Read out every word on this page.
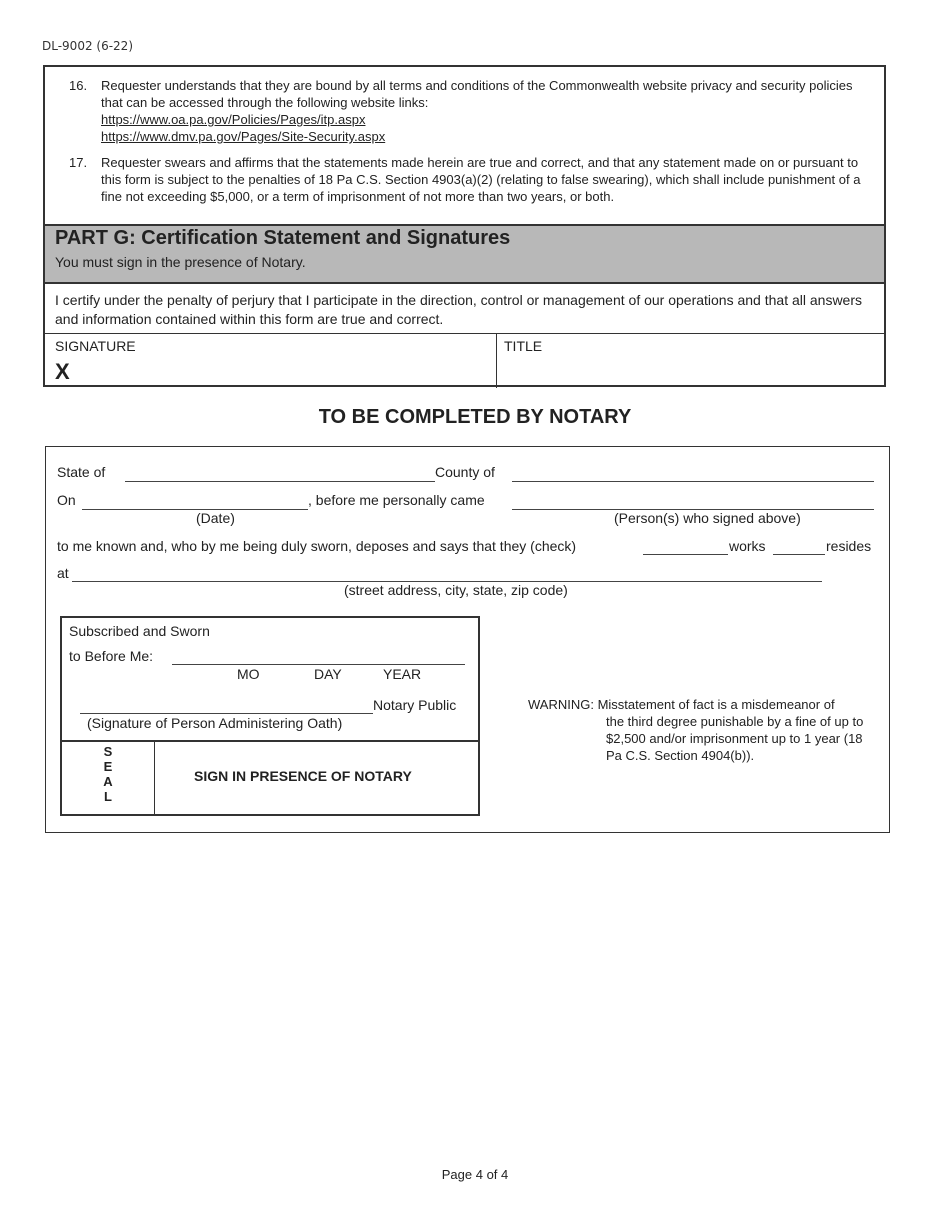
DL-9002 (6-22)
16. Requester understands that they are bound by all terms and conditions of the Commonwealth website privacy and security policies that can be accessed through the following website links:
https://www.oa.pa.gov/Policies/Pages/itp.aspx
https://www.dmv.pa.gov/Pages/Site-Security.aspx
17. Requester swears and affirms that the statements made herein are true and correct, and that any statement made on or pursuant to this form is subject to the penalties of 18 Pa C.S. Section 4903(a)(2) (relating to false swearing), which shall include punishment of a fine not exceeding $5,000, or a term of imprisonment of not more than two years, or both.
PART G: Certification Statement and Signatures
You must sign in the presence of Notary.
I certify under the penalty of perjury that I participate in the direction, control or management of our operations and that all answers and information contained within this form are true and correct.
SIGNATURE
X
TITLE
TO BE COMPLETED BY NOTARY
State of	County of
On	, before me personally came
(Date)	(Person(s) who signed above)
to me known and, who by me being duly sworn, deposes and says that they (check)	works	resides
at
(street address, city, state, zip code)
Subscribed and Sworn
to Before Me:
MO	DAY	YEAR
Notary Public
(Signature of Person Administering Oath)
S
E
A
L
SIGN IN PRESENCE OF NOTARY
WARNING: Misstatement of fact is a misdemeanor of
the third degree punishable by a fine of up to $2,500 and/or imprisonment up to 1 year (18 Pa C.S. Section 4904(b)).
Page 4 of 4
